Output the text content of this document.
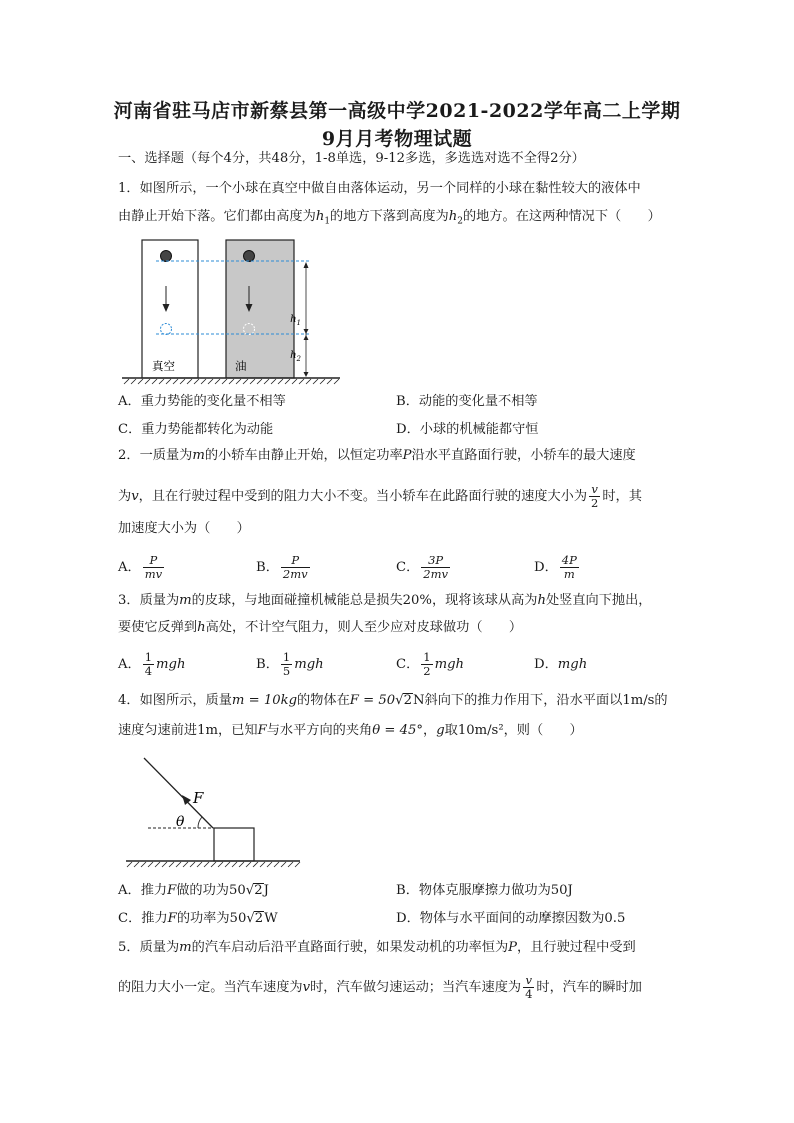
河南省驻马店市新蔡县第一高级中学2021-2022学年高二上学期
9月月考物理试题
一、选择题（每个4分，共48分，1-8单选，9-12多选，多选选对选不全得2分）
1．如图所示，一个小球在真空中做自由落体运动，另一个同样的小球在黏性较大的液体中
由静止开始下落。它们都由高度为$h_1$的地方下落到高度为$h_2$的地方。在这两种情况下（　　）
$h_1$
$h_2$
真空	油
A．重力势能的变化量不相等	B．动能的变化量不相等
C．重力势能都转化为动能	D．小球的机械能都守恒
2．一质量为m的小轿车由静止开始，以恒定功率P沿水平直路面行驶，小轿车的最大速度
为v，且在行驶过程中受到的阻力大小不变。当小轿车在此路面行驶的速度大小为 $\frac{v}{2}$ 时，其
加速度大小为（　　）
A． $\frac{P}{mv}$	B． $\frac{P}{2mv}$	C． $\frac{3P}{2mv}$	D． $\frac{4P}{m}$
3．质量为m的皮球，与地面碰撞机械能总是损失20%，现将该球从高为h处竖直向下抛出，
要使它反弹到h高处，不计空气阻力，则人至少应对皮球做功（　　）
A． $\frac{1}{4}$ mgh	B． $\frac{1}{5}$ mgh	C． $\frac{1}{2}$ mgh	D．mgh
4．如图所示，质量m = 10kg的物体在F = 50√2N斜向下的推力作用下，沿水平面以1m/s的
速度匀速前进1m，已知F与水平方向的夹角θ = 45°，g取10m/s²，则（　　）
F
θ
A．推力F做的功为50√2J	B．物体克服摩擦力做功为50J
C．推力F的功率为50√2W	D．物体与水平面间的动摩擦因数为0.5
5．质量为m的汽车启动后沿平直路面行驶，如果发动机的功率恒为P，且行驶过程中受到
的阻力大小一定。当汽车速度为v时，汽车做匀速运动；当汽车速度为 $\frac{v}{4}$ 时，汽车的瞬时加
